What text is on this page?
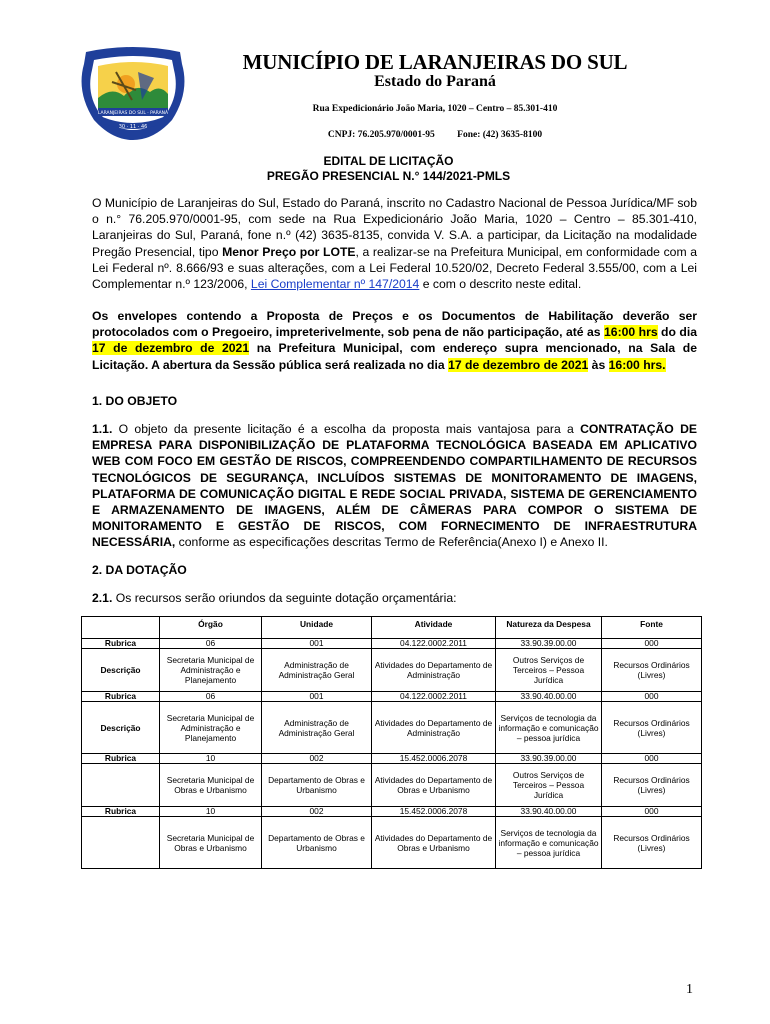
LARANJEIRAS DO SUL · PARANÁ
30 · 11 · 46
MUNICÍPIO DE LARANJEIRAS DO SUL
Estado do Paraná
Rua Expedicionário João Maria, 1020 – Centro – 85.301-410
CNPJ: 76.205.970/0001-95 Fone: (42) 3635-8100
EDITAL DE LICITAÇÃO
PREGÃO PRESENCIAL N.° 144/2021-PMLS
O Município de Laranjeiras do Sul, Estado do Paraná, inscrito no Cadastro Nacional de Pessoa Jurídica/MF sob o n.° 76.205.970/0001-95, com sede na Rua Expedicionário João Maria, 1020 – Centro – 85.301-410, Laranjeiras do Sul, Paraná, fone n.º (42) 3635-8135, convida V. S.A. a participar, da Licitação na modalidade Pregão Presencial, tipo Menor Preço por LOTE, a realizar-se na Prefeitura Municipal, em conformidade com a Lei Federal nº. 8.666/93 e suas alterações, com a Lei Federal 10.520/02, Decreto Federal 3.555/00, com a Lei Complementar n.º 123/2006, Lei Complementar nº 147/2014 e com o descrito neste edital.
Os envelopes contendo a Proposta de Preços e os Documentos de Habilitação deverão ser protocolados com o Pregoeiro, impreterivelmente, sob pena de não participação, até as 16:00 hrs do dia 17 de dezembro de 2021 na Prefeitura Municipal, com endereço supra mencionado, na Sala de Licitação. A abertura da Sessão pública será realizada no dia 17 de dezembro de 2021 às 16:00 hrs.
1. DO OBJETO
1.1. O objeto da presente licitação é a escolha da proposta mais vantajosa para a CONTRATAÇÃO DE EMPRESA PARA DISPONIBILIZAÇÃO DE PLATAFORMA TECNOLÓGICA BASEADA EM APLICATIVO WEB COM FOCO EM GESTÃO DE RISCOS, COMPREENDENDO COMPARTILHAMENTO DE RECURSOS TECNOLÓGICOS DE SEGURANÇA, INCLUÍDOS SISTEMAS DE MONITORAMENTO DE IMAGENS, PLATAFORMA DE COMUNICAÇÃO DIGITAL E REDE SOCIAL PRIVADA, SISTEMA DE GERENCIAMENTO E ARMAZENAMENTO DE IMAGENS, ALÉM DE CÂMERAS PARA COMPOR O SISTEMA DE MONITORAMENTO E GESTÃO DE RISCOS, COM FORNECIMENTO DE INFRAESTRUTURA NECESSÁRIA, conforme as especificações descritas Termo de Referência(Anexo I) e Anexo II.
2. DA DOTAÇÃO
2.1. Os recursos serão oriundos da seguinte dotação orçamentária:
	Órgão	Unidade	Atividade	Natureza da Despesa	Fonte
Rubrica	06	001	04.122.0002.2011	33.90.39.00.00	000
Descrição	Secretaria Municipal de Administração e Planejamento	Administração de Administração Geral	Atividades do Departamento de Administração	Outros Serviços de Terceiros – Pessoa Jurídica	Recursos Ordinários (Livres)
Rubrica	06	001	04.122.0002.2011	33.90.40.00.00	000
Descrição	Secretaria Municipal de Administração e Planejamento	Administração de Administração Geral	Atividades do Departamento de Administração	Serviços de tecnologia da informação e comunicação – pessoa jurídica	Recursos Ordinários (Livres)
Rubrica	10	002	15.452.0006.2078	33.90.39.00.00	000
	Secretaria Municipal de Obras e Urbanismo	Departamento de Obras e Urbanismo	Atividades do Departamento de Obras e Urbanismo	Outros Serviços de Terceiros – Pessoa Jurídica	Recursos Ordinários (Livres)
Rubrica	10	002	15.452.0006.2078	33.90.40.00.00	000
	Secretaria Municipal de Obras e Urbanismo	Departamento de Obras e Urbanismo	Atividades do Departamento de Obras e Urbanismo	Serviços de tecnologia da informação e comunicação – pessoa jurídica	Recursos Ordinários (Livres)
1
